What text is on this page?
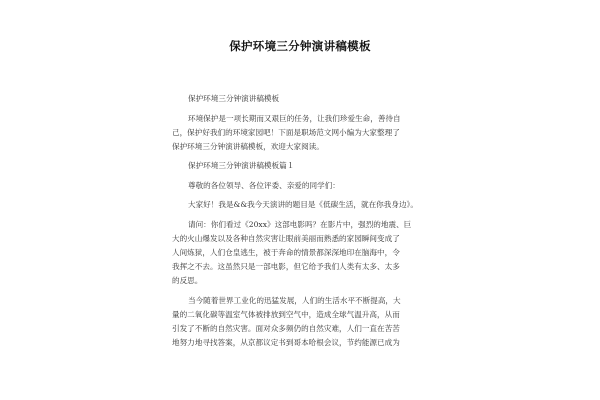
保护环境三分钟演讲稿模板
保护环境三分钟演讲稿模板
环境保护是一项长期而又艰巨的任务，让我们珍爱生命，善待自
己，保护好我们的环境家园吧！下面是职场范文网小编为大家整理了
保护环境三分钟演讲稿模板，欢迎大家阅读。
保护环境三分钟演讲稿模板篇１
尊敬的各位领导、各位评委、亲爱的同学们：
大家好！我是&&我今天演讲的题目是《低碳生活，就在你我身边》。
请问：你们看过《20xx》这部电影吗？在影片中，强烈的地震、巨
大的火山爆发以及各种自然灾害让眼前美丽而熟悉的家园瞬间变成了
人间炼狱，人们仓皇逃生，被于奔命的情景都深深地印在脑海中，令
我挥之不去。这虽然只是一部电影，但它给予我们人类有太多、太多
的反思。
当今随着世界工业化的迅猛发展，人们的生活水平不断提高，大
量的二氧化碳等温室气体被排放到空气中，造成全球气温升高，从而
引发了不断的自然灾害。面对众多频仍的自然灾难，人们一直在苦苦
地努力地寻找答案，从京都议定书到哥本哈根会议，节约能源已成为
